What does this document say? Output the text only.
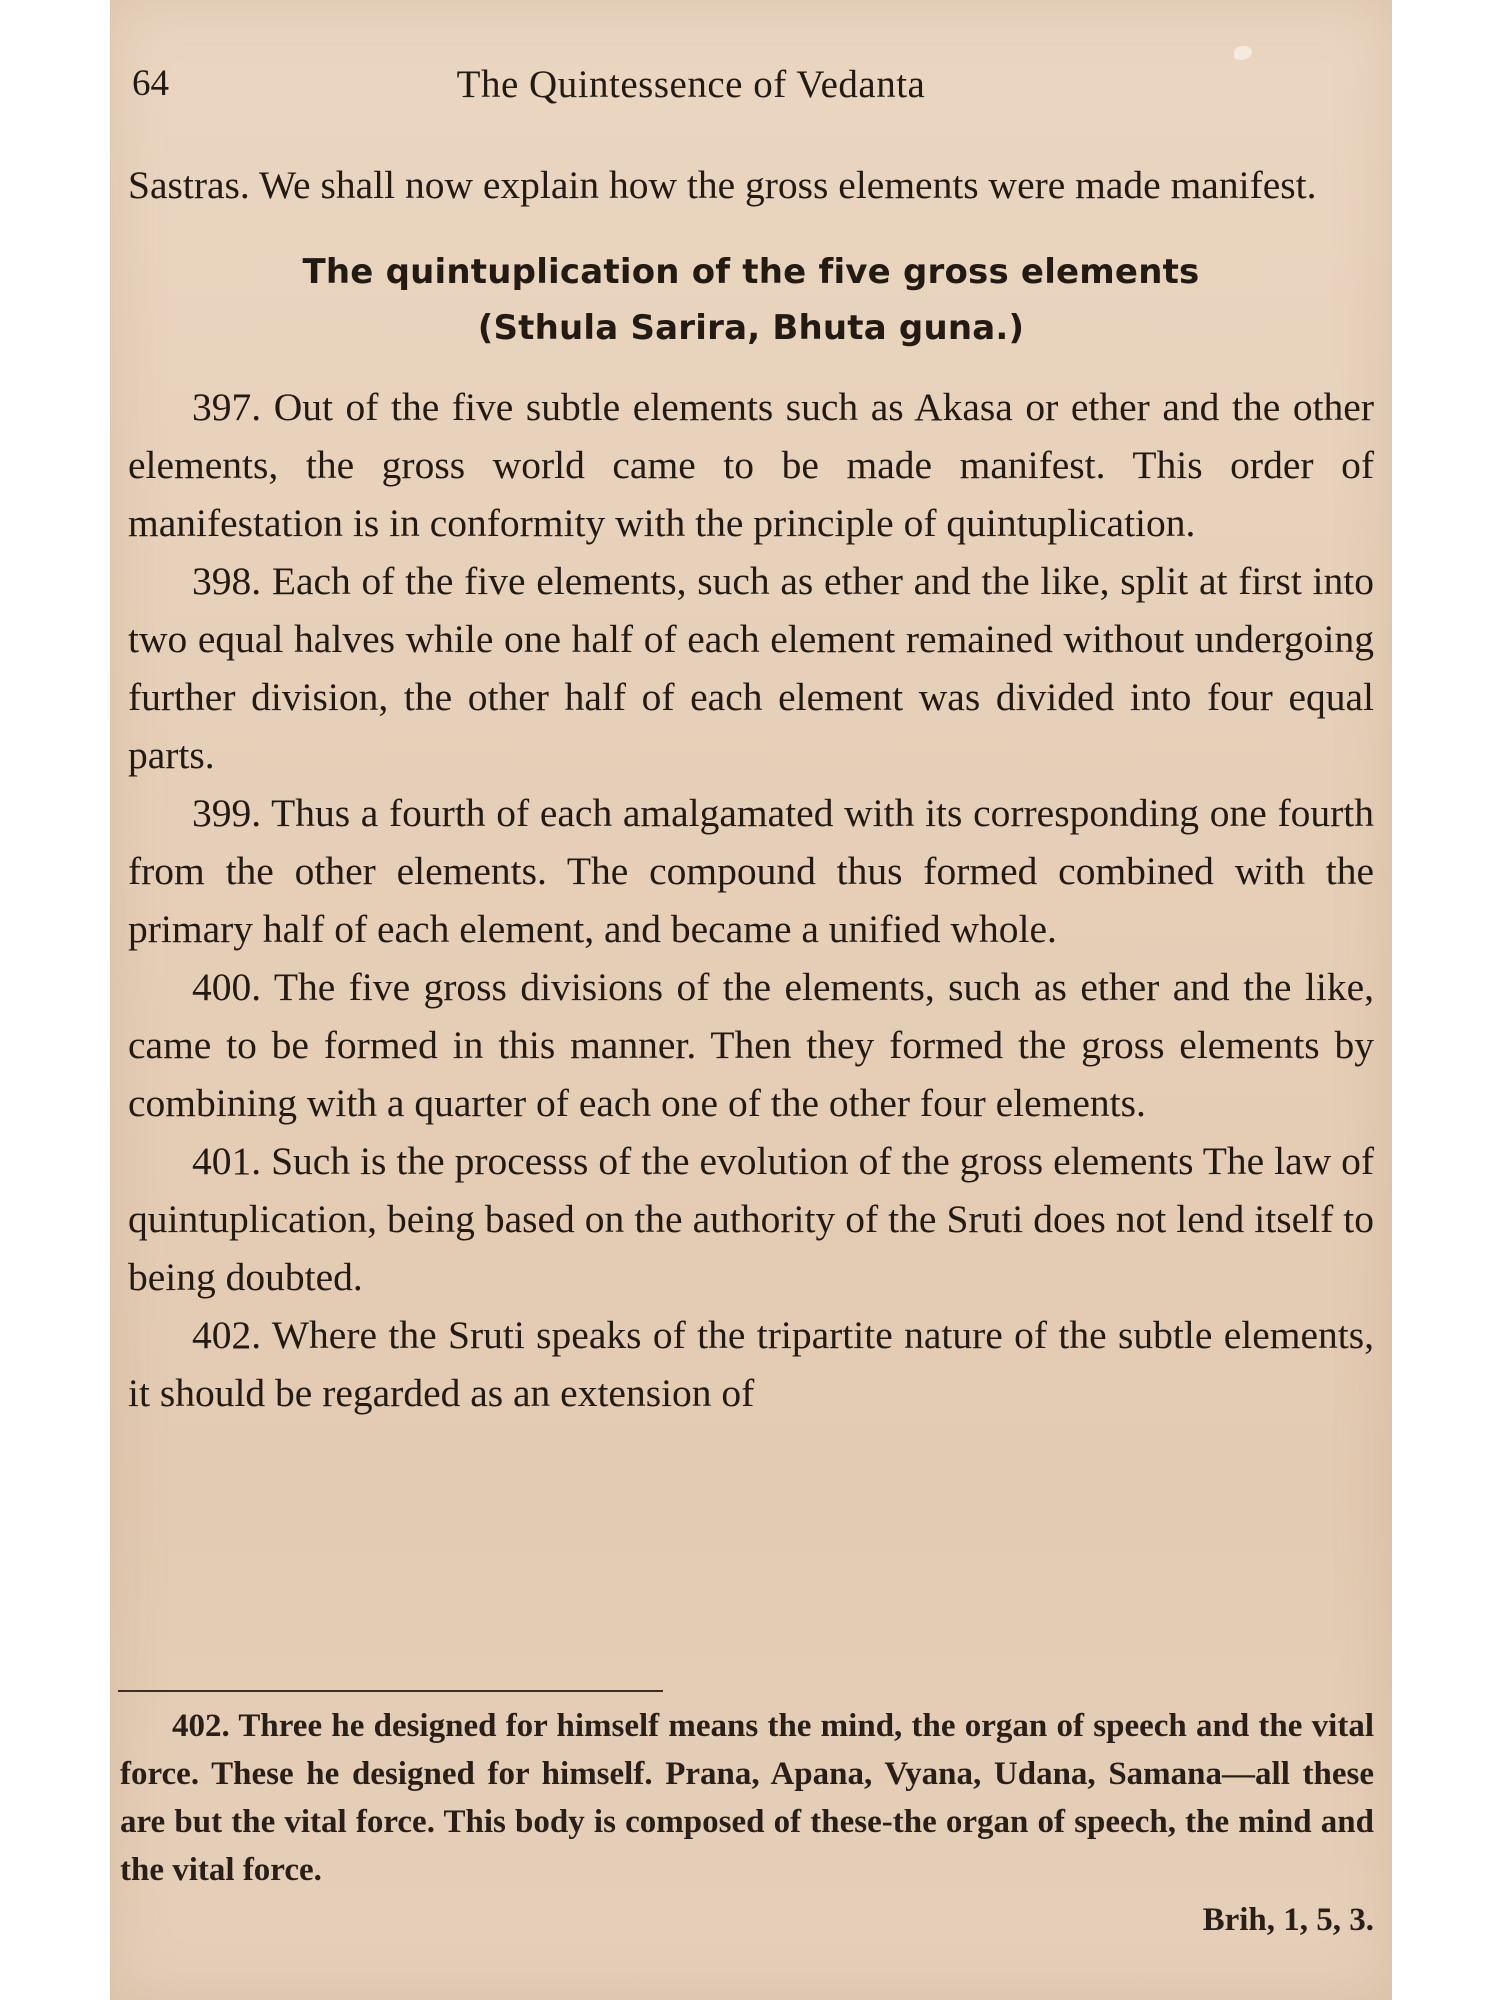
64	The Quintessence of Vedanta

Sastras. We shall now explain how the gross elements were made manifest.

The quintuplication of the five gross elements
(Sthula Sarira, Bhuta guna.)

397. Out of the five subtle elements such as Akasa or ether and the other elements, the gross world came to be made manifest. This order of manifestation is in conformity with the principle of quintuplication.

398. Each of the five elements, such as ether and the like, split at first into two equal halves while one half of each element remained without undergoing further division, the other half of each element was divided into four equal parts.

399. Thus a fourth of each amalgamated with its corresponding one fourth from the other elements. The compound thus formed combined with the primary half of each element, and became a unified whole.

400. The five gross divisions of the elements, such as ether and the like, came to be formed in this manner. Then they formed the gross elements by combining with a quarter of each one of the other four elements.

401. Such is the processs of the evolution of the gross elements The law of quintuplication, being based on the authority of the Sruti does not lend itself to being doubted.

402. Where the Sruti speaks of the tripartite nature of the subtle elements, it should be regarded as an extension of

402. Three he designed for himself means the mind, the organ of speech and the vital force. These he designed for himself. Prana, Apana, Vyana, Udana, Samana—all these are but the vital force. This body is composed of these-the organ of speech, the mind and the vital force.

Brih, 1, 5, 3.
